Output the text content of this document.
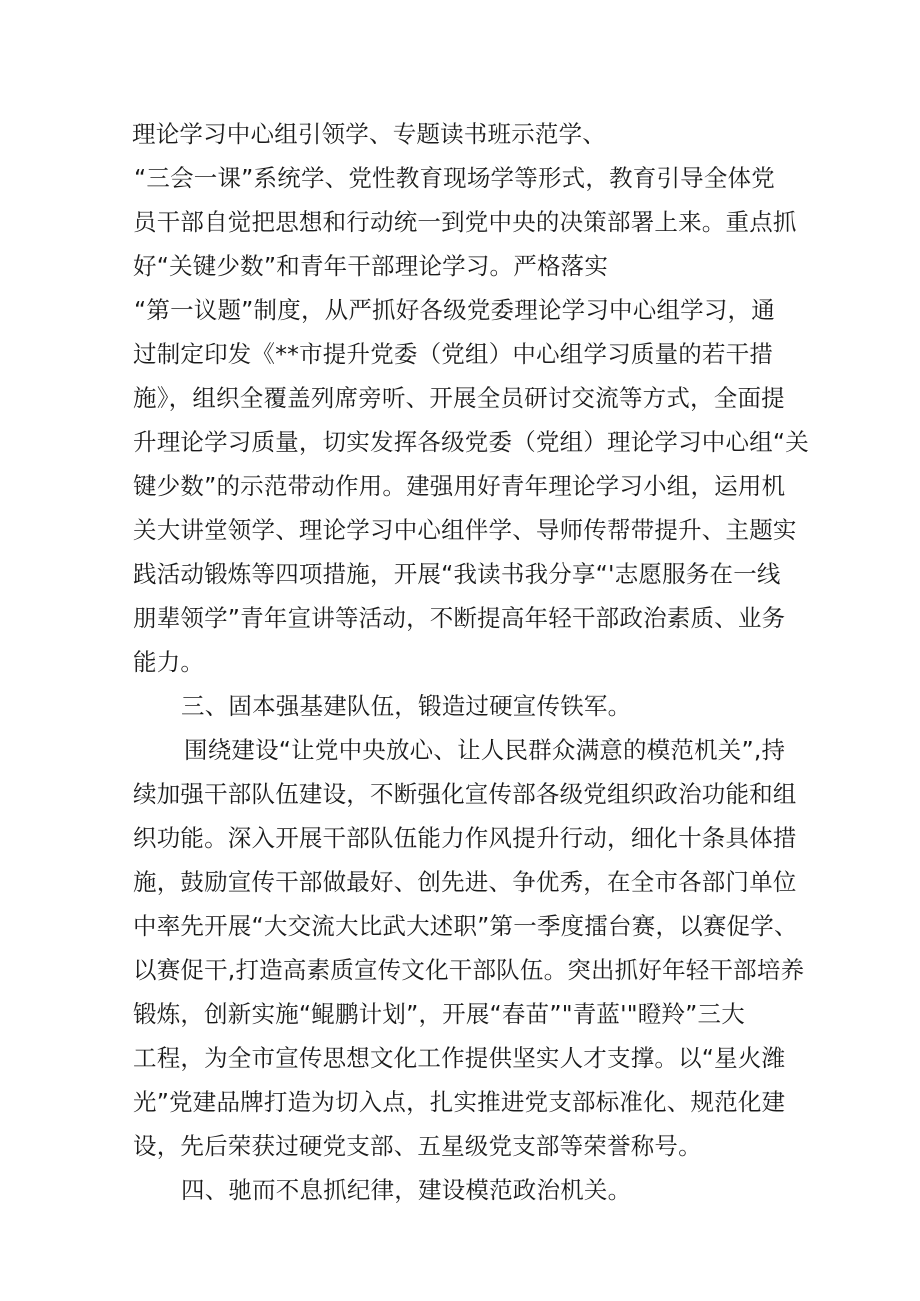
理论学习中心组引领学、专题读书班示范学、
“三会一课”系统学、党性教育现场学等形式，教育引导全体党
员干部自觉把思想和行动统一到党中央的决策部署上来。重点抓
好“关键少数”和青年干部理论学习。严格落实
“第一议题”制度，从严抓好各级党委理论学习中心组学习，通
过制定印发《**市提升党委（党组）中心组学习质量的若干措
施》，组织全覆盖列席旁听、开展全员研讨交流等方式，全面提
升理论学习质量，切实发挥各级党委（党组）理论学习中心组“关
键少数”的示范带动作用。建强用好青年理论学习小组，运用机
关大讲堂领学、理论学习中心组伴学、导师传帮带提升、主题实
践活动锻炼等四项措施，开展“我读书我分享“'志愿服务在一线
朋辈领学”青年宣讲等活动，不断提高年轻干部政治素质、业务
能力。
三、固本强基建队伍，锻造过硬宣传铁军。
围绕建设“让党中央放心、让人民群众满意的模范机关”,持
续加强干部队伍建设，不断强化宣传部各级党组织政治功能和组
织功能。深入开展干部队伍能力作风提升行动，细化十条具体措
施，鼓励宣传干部做最好、创先进、争优秀，在全市各部门单位
中率先开展“大交流大比武大述职”第一季度擂台赛，以赛促学、
以赛促干,打造高素质宣传文化干部队伍。突出抓好年轻干部培养
锻炼，创新实施“鲲鹏计划”，开展“春苗”"青蓝'"瞪羚”三大
工程，为全市宣传思想文化工作提供坚实人才支撑。以“星火潍
光”党建品牌打造为切入点，扎实推进党支部标准化、规范化建
设，先后荣获过硬党支部、五星级党支部等荣誉称号。
四、驰而不息抓纪律，建设模范政治机关。
